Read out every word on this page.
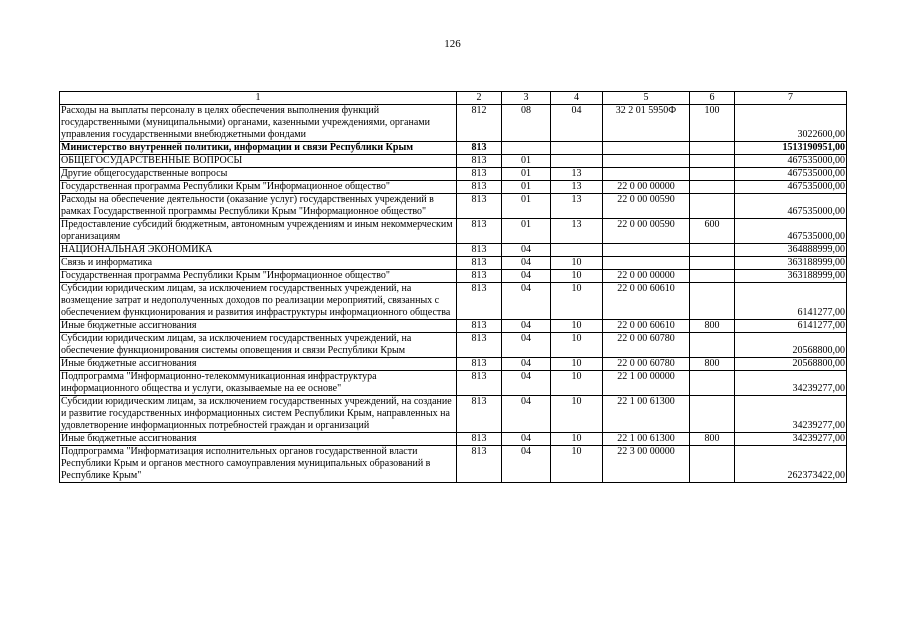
126
1	2	3	4	5	6	7
Расходы на выплаты персоналу в целях обеспечения выполнения функций государственными (муниципальными) органами, казенными учреждениями, органами управления государственными внебюджетными фондами	812	08	04	32 2 01 5950Ф	100	3022600,00
Министерство внутренней политики, информации и связи Республики Крым	813					1513190951,00
ОБЩЕГОСУДАРСТВЕННЫЕ ВОПРОСЫ	813	01				467535000,00
Другие общегосударственные вопросы	813	01	13			467535000,00
Государственная программа Республики Крым "Информационное общество"	813	01	13	22 0 00 00000		467535000,00
Расходы на обеспечение деятельности (оказание услуг) государственных учреждений в рамках Государственной программы Республики Крым "Информационное общество"	813	01	13	22 0 00 00590		467535000,00
Предоставление субсидий бюджетным, автономным учреждениям и иным некоммерческим организациям	813	01	13	22 0 00 00590	600	467535000,00
НАЦИОНАЛЬНАЯ ЭКОНОМИКА	813	04				364888999,00
Связь и информатика	813	04	10			363188999,00
Государственная программа Республики Крым "Информационное общество"	813	04	10	22 0 00 00000		363188999,00
Субсидии юридическим лицам, за исключением государственных учреждений, на возмещение затрат и недополученных доходов по реализации мероприятий, связанных с обеспечением функционирования и развития инфраструктуры информационного общества	813	04	10	22 0 00 60610		6141277,00
Иные бюджетные ассигнования	813	04	10	22 0 00 60610	800	6141277,00
Субсидии юридическим лицам, за исключением государственных учреждений, на обеспечение функционирования системы оповещения и связи Республики Крым	813	04	10	22 0 00 60780		20568800,00
Иные бюджетные ассигнования	813	04	10	22 0 00 60780	800	20568800,00
Подпрограмма "Информационно-телекоммуникационная инфраструктура информационного общества и услуги, оказываемые на ее основе"	813	04	10	22 1 00 00000		34239277,00
Субсидии юридическим лицам, за исключением государственных учреждений, на создание и развитие государственных информационных систем Республики Крым, направленных на удовлетворение информационных потребностей граждан и организаций	813	04	10	22 1 00 61300		34239277,00
Иные бюджетные ассигнования	813	04	10	22 1 00 61300	800	34239277,00
Подпрограмма "Информатизация исполнительных органов государственной власти Республики Крым и органов местного самоуправления муниципальных образований в Республике Крым"	813	04	10	22 3 00 00000		262373422,00
